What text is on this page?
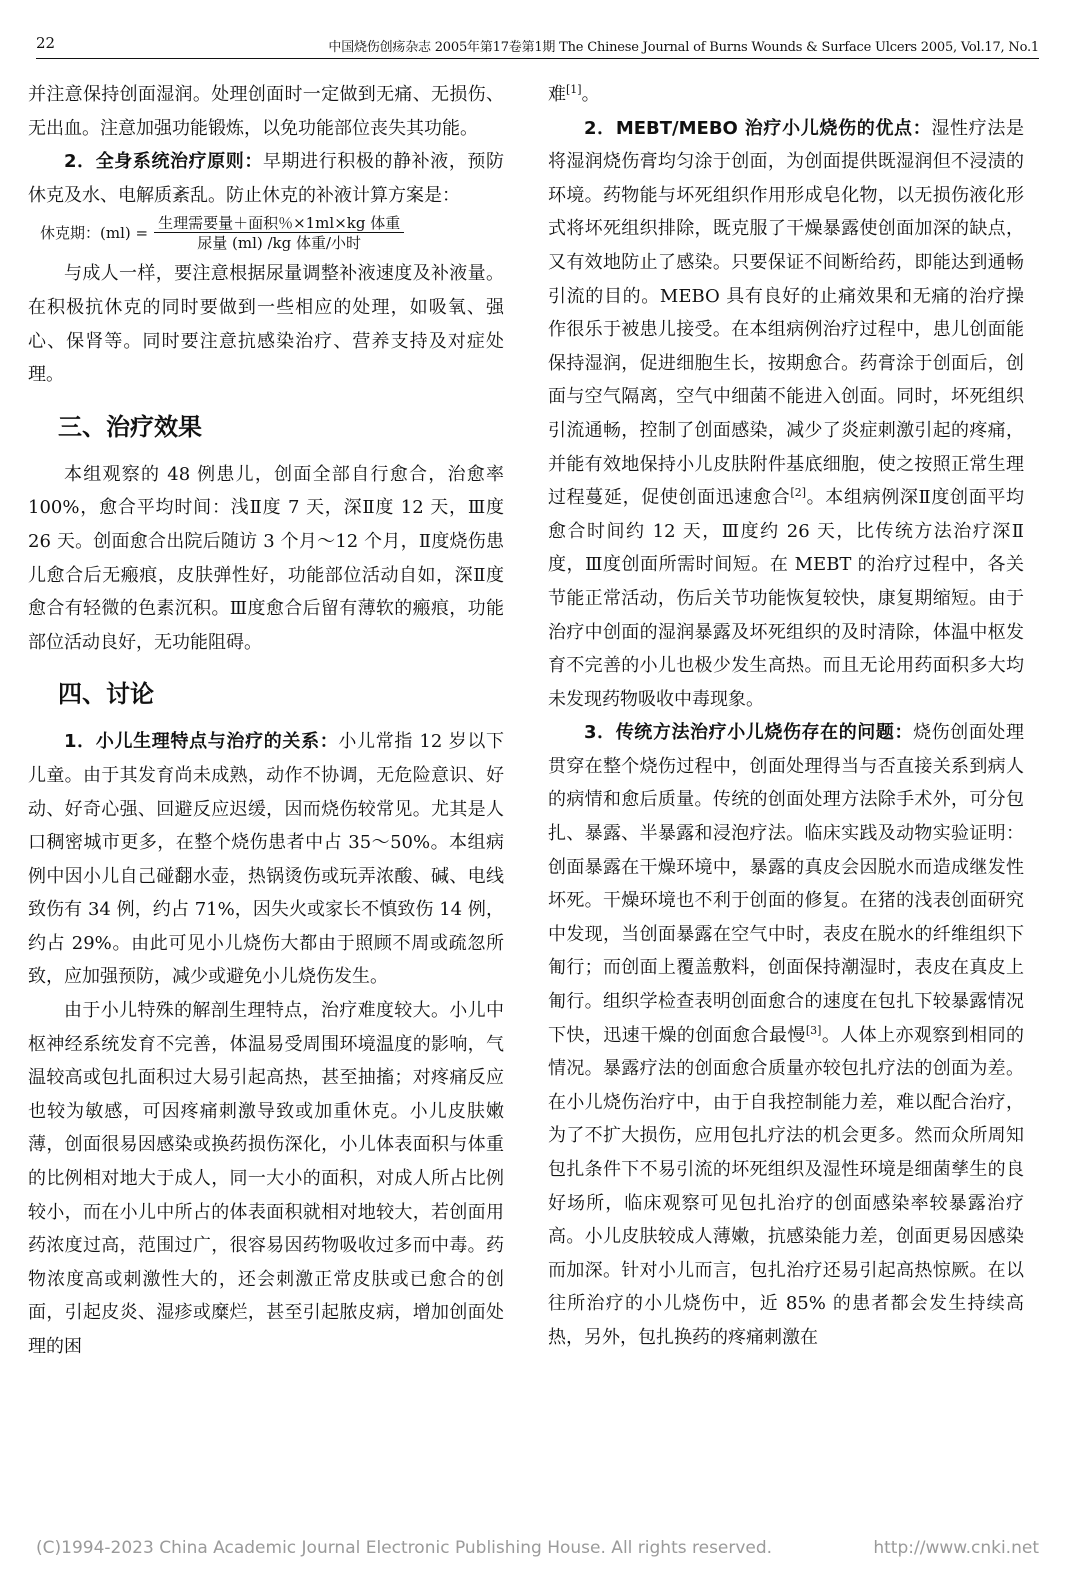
22	中国烧伤创疡杂志 2005年第17卷第1期 The Chinese Journal of Burns Wounds & Surface Ulcers 2005, Vol.17, No.1

并注意保持创面湿润。处理创面时一定做到无痛、无损伤、无出血。注意加强功能锻炼，以免功能部位丧失其功能。

2．全身系统治疗原则：早期进行积极的静补液，预防休克及水、电解质紊乱。防止休克的补液计算方案是：

休克期：$(ml) = \frac{\text{生理需要量＋面积％×1ml×kg 体重}}{\text{尿量 (ml) /kg 体重/小时}}$

与成人一样，要注意根据尿量调整补液速度及补液量。在积极抗休克的同时要做到一些相应的处理，如吸氧、强心、保肾等。同时要注意抗感染治疗、营养支持及对症处理。

三、治疗效果

本组观察的 48 例患儿，创面全部自行愈合，治愈率 100%，愈合平均时间：浅Ⅱ度 7 天，深Ⅱ度 12 天，Ⅲ度 26 天。创面愈合出院后随访 3 个月～12 个月，Ⅱ度烧伤患儿愈合后无瘢痕，皮肤弹性好，功能部位活动自如，深Ⅱ度愈合有轻微的色素沉积。Ⅲ度愈合后留有薄软的瘢痕，功能部位活动良好，无功能阻碍。

四、讨论

1．小儿生理特点与治疗的关系：小儿常指 12 岁以下儿童。由于其发育尚未成熟，动作不协调，无危险意识、好动、好奇心强、回避反应迟缓，因而烧伤较常见。尤其是人口稠密城市更多，在整个烧伤患者中占 35～50%。本组病例中因小儿自己碰翻水壶，热锅烫伤或玩弄浓酸、碱、电线致伤有 34 例，约占 71%，因失火或家长不慎致伤 14 例，约占 29%。由此可见小儿烧伤大都由于照顾不周或疏忽所致，应加强预防，减少或避免小儿烧伤发生。

由于小儿特殊的解剖生理特点，治疗难度较大。小儿中枢神经系统发育不完善，体温易受周围环境温度的影响，气温较高或包扎面积过大易引起高热，甚至抽搐；对疼痛反应也较为敏感，可因疼痛刺激导致或加重休克。小儿皮肤嫩薄，创面很易因感染或换药损伤深化，小儿体表面积与体重的比例相对地大于成人，同一大小的面积，对成人所占比例较小，而在小儿中所占的体表面积就相对地较大，若创面用药浓度过高，范围过广，很容易因药物吸收过多而中毒。药物浓度高或刺激性大的，还会刺激正常皮肤或已愈合的创面，引起皮炎、湿疹或糜烂，甚至引起脓皮病，增加创面处理的困

难[1]。

2．MEBT/MEBO 治疗小儿烧伤的优点：湿性疗法是将湿润烧伤膏均匀涂于创面，为创面提供既湿润但不浸渍的环境。药物能与坏死组织作用形成皂化物，以无损伤液化形式将坏死组织排除，既克服了干燥暴露使创面加深的缺点，又有效地防止了感染。只要保证不间断给药，即能达到通畅引流的目的。MEBO 具有良好的止痛效果和无痛的治疗操作很乐于被患儿接受。在本组病例治疗过程中，患儿创面能保持湿润，促进细胞生长，按期愈合。药膏涂于创面后，创面与空气隔离，空气中细菌不能进入创面。同时，坏死组织引流通畅，控制了创面感染，减少了炎症刺激引起的疼痛，并能有效地保持小儿皮肤附件基底细胞，使之按照正常生理过程蔓延，促使创面迅速愈合[2]。本组病例深Ⅱ度创面平均愈合时间约 12 天，Ⅲ度约 26 天，比传统方法治疗深Ⅱ度，Ⅲ度创面所需时间短。在 MEBT 的治疗过程中，各关节能正常活动，伤后关节功能恢复较快，康复期缩短。由于治疗中创面的湿润暴露及坏死组织的及时清除，体温中枢发育不完善的小儿也极少发生高热。而且无论用药面积多大均未发现药物吸收中毒现象。

3．传统方法治疗小儿烧伤存在的问题：烧伤创面处理贯穿在整个烧伤过程中，创面处理得当与否直接关系到病人的病情和愈后质量。传统的创面处理方法除手术外，可分包扎、暴露、半暴露和浸泡疗法。临床实践及动物实验证明：创面暴露在干燥环境中，暴露的真皮会因脱水而造成继发性坏死。干燥环境也不利于创面的修复。在猪的浅表创面研究中发现，当创面暴露在空气中时，表皮在脱水的纤维组织下匍行；而创面上覆盖敷料，创面保持潮湿时，表皮在真皮上匍行。组织学检查表明创面愈合的速度在包扎下较暴露情况下快，迅速干燥的创面愈合最慢[3]。人体上亦观察到相同的情况。暴露疗法的创面愈合质量亦较包扎疗法的创面为差。在小儿烧伤治疗中，由于自我控制能力差，难以配合治疗，为了不扩大损伤，应用包扎疗法的机会更多。然而众所周知包扎条件下不易引流的坏死组织及湿性环境是细菌孳生的良好场所，临床观察可见包扎治疗的创面感染率较暴露治疗高。小儿皮肤较成人薄嫩，抗感染能力差，创面更易因感染而加深。针对小儿而言，包扎治疗还易引起高热惊厥。在以往所治疗的小儿烧伤中，近 85% 的患者都会发生持续高热，另外，包扎换药的疼痛刺激在

(C)1994-2023 China Academic Journal Electronic Publishing House. All rights reserved.	http://www.cnki.net
